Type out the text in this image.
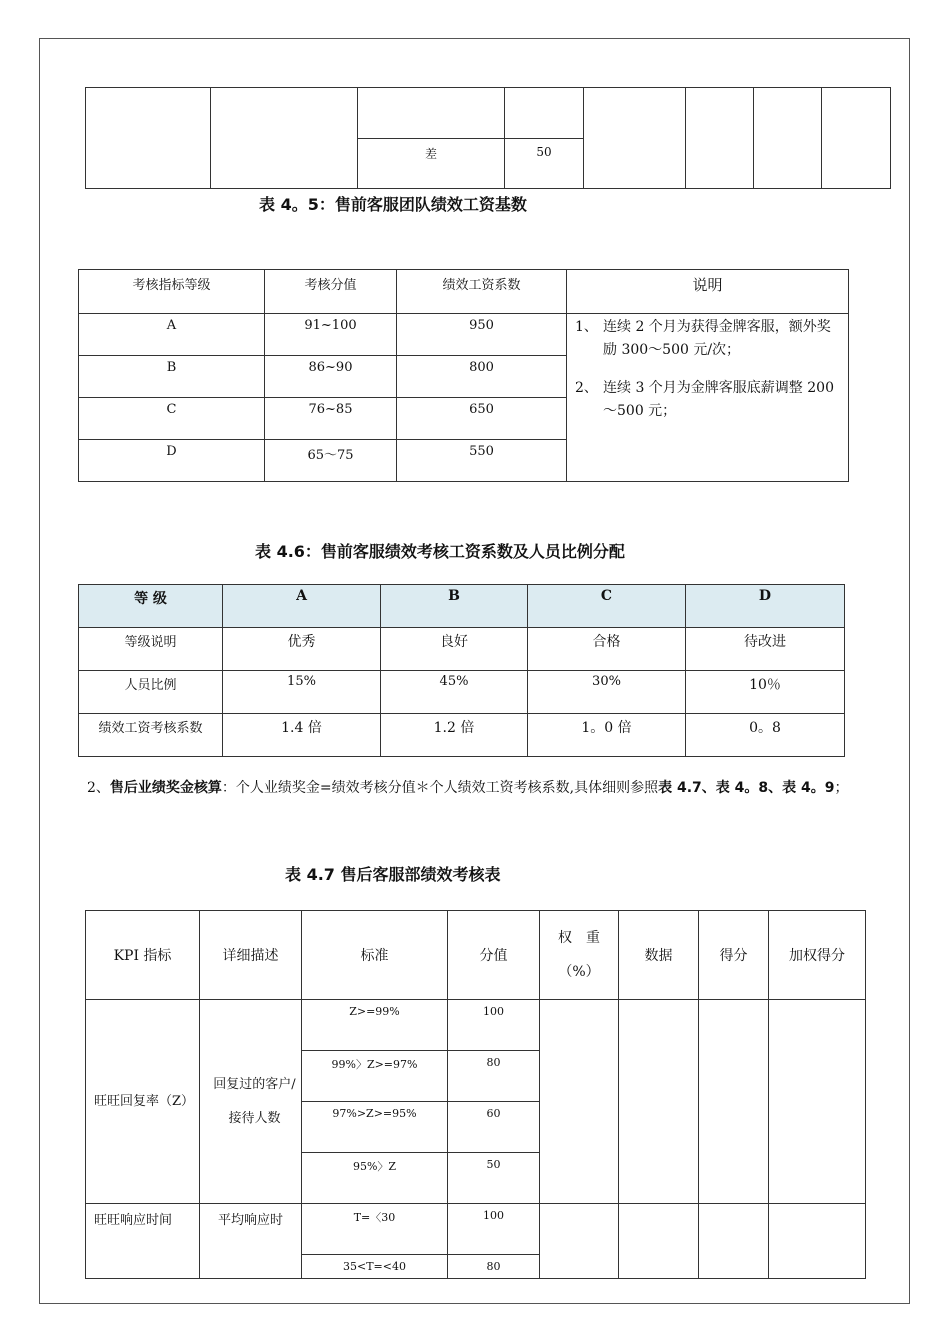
		差	50				
表 4。5：售前客服团队绩效工资基数
考核指标等级	考核分值	绩效工资系数	说明
A	91~100	950	1、 连续 2 个月为获得金牌客服，额外奖励 300～500 元/次；
2、 连续 3 个月为金牌客服底薪调整 200～500 元；

B	86~90	800	
C	76~85	650	
D	65～75	550	
表 4.6：售前客服绩效考核工资系数及人员比例分配
等 级	A	B	C	D
等级说明	优秀	良好	合格	待改进
人员比例	15%	45%	30%	10％
绩效工资考核系数	1.4 倍	1.2 倍	1。0 倍	0。8
2、售后业绩奖金核算：个人业绩奖金=绩效考核分值＊个人绩效工资考核系数,具体细则参照表 4.7、表 4。8、表 4。9；
表 4.7 售后客服部绩效考核表
KPI 指标	详细描述	标准	分值	权　重（%）	数据	得分	加权得分
旺旺回复率（Z）	回复过的客户/接待人数	Z>=99%	100				
		99%〉Z>=97%	80				
		97%>Z>=95%	60				
		95%〉Z	50				
旺旺响应时间	平均响应时	T=〈30	100				
		35<T=<40	80				
